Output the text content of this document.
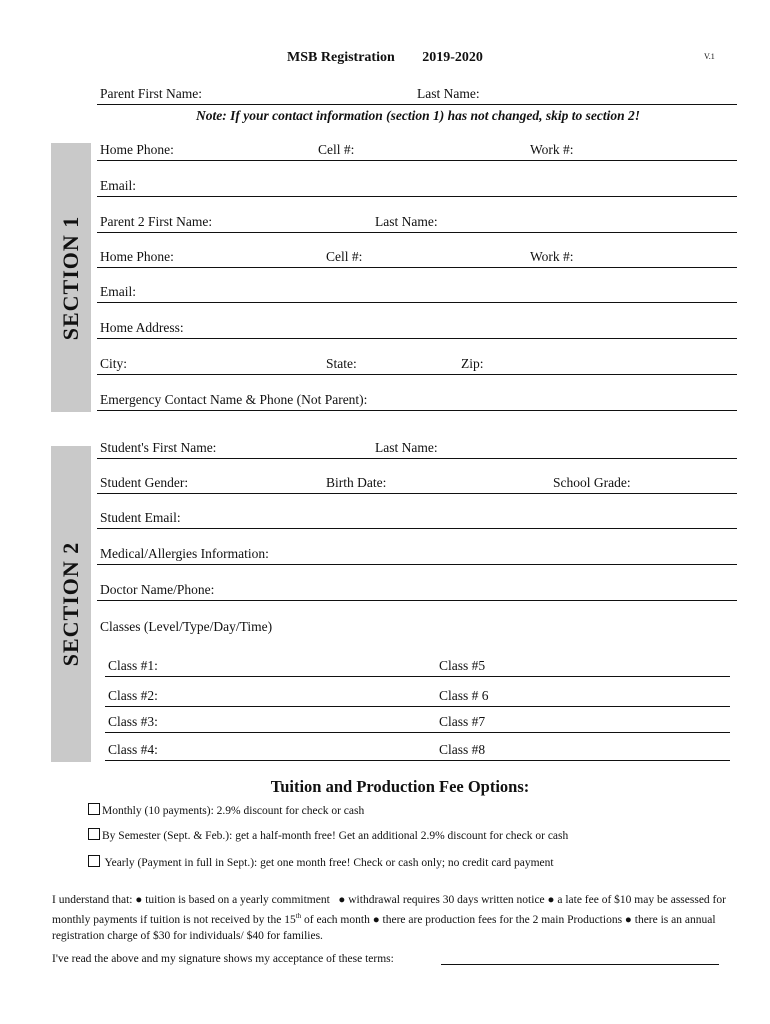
MSB Registration 2019-2020	V.1
Parent First Name:	Last Name:
Note: If your contact information (section 1) has not changed, skip to section 2!
SECTION 1
Home Phone:	Cell #:	Work #:
Email:
Parent 2 First Name:	Last Name:
Home Phone:	Cell #:	Work #:
Email:
Home Address:
City:	State:	Zip:
Emergency Contact Name & Phone (Not Parent):
SECTION 2
Student's First Name:	Last Name:
Student Gender:	Birth Date:	School Grade:
Student Email:
Medical/Allergies Information:
Doctor Name/Phone:
Classes (Level/Type/Day/Time)
Class #1:	Class #5
Class #2:	Class # 6
Class #3:	Class #7
Class #4:	Class #8
Tuition and Production Fee Options:
Monthly (10 payments): 2.9% discount for check or cash
By Semester (Sept. & Feb.): get a half-month free! Get an additional 2.9% discount for check or cash
Yearly (Payment in full in Sept.): get one month free! Check or cash only; no credit card payment
I understand that: ● tuition is based on a yearly commitment ● withdrawal requires 30 days written notice ● a late fee of $10 may be assessed for monthly payments if tuition is not received by the 15th of each month ● there are production fees for the 2 main Productions ● there is an annual registration charge of $30 for individuals/ $40 for families.
I've read the above and my signature shows my acceptance of these terms:
